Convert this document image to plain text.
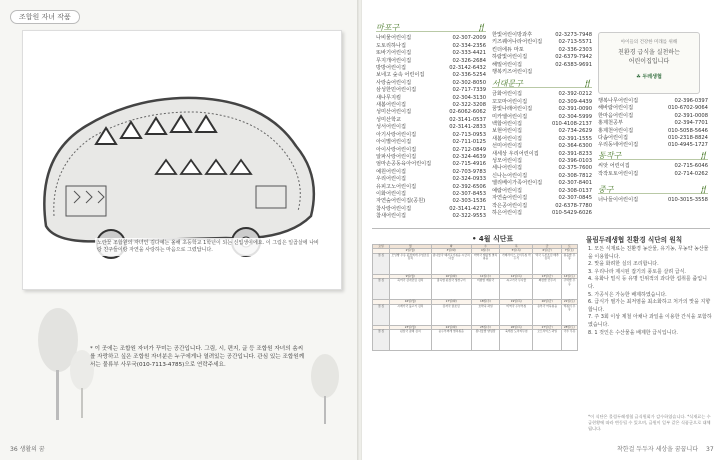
조합원 자녀 작품
노란꽃 조합원의 자녀인 김다예는 올해 초등학교 1학년이 되는 신입생이에요. 이 그림은 일곱살에 나비랑 친구들이랑 자연을 사랑하는 마음으로 그렸답니다.
* 이 곳에는 조합원 자녀가 꾸미는 공간입니다. 그림, 시, 편지, 글 등 조합원 자녀의 솜씨를 자랑하고 싶은 조합원 자녀분은 누구에게나 열려있는 공간입니다. 관심 있는 조합원께서는 물류부 사무국(010-7113-4785)으로 연락주세요.
36 생활의 꿈
마포구	🍴︎
나비물어린이집	02-307-2009
도토리하나집	02-334-2356
또바기어린이집	02-333-4421
무지개어린이집	02-326-2684
방방어린이집	02-3142-6432
보네고 숲속 어린이집	02-336-5254
사랑숲어린이집	02-302-8050
삼성한민어린이집	02-717-7339
새나무지킴	02-304-3130
새봄어린이집	02-322-3208
성미산어린이집	02-6062-6062
성미산학교	02-3141-0537
성서어린이집	02-3141-2833
아기사랑어린이집	02-713-0953
아이별어린이집	02-711-0125
아이사랑어린이집	02-712-0849
알파사랑어린이집	02-324-4639
엄마손공동육아어린이집	02-715-4916
예원어린이집	02-703-9783
우리어린이집	02-324-0933
유피고노어린이집	02-392-6506
이화어린이집	02-307-8453
자연숲어린이집(공원)	02-303-1536
참사랑어린이집	02-3141-4271
참새어린이집	02-322-9553
한빛어린이방과후	02-3273-7948
키즈퀘어나라어린이집	02-713-5571
킨더에듀 마포	02-336-2303
하람빛어린이집	02-6379-7942
해밀어린이집	02-6383-9691
행복키즈어린이집
서대문구	🍴︎
금화어린이집	02-392-0212
꼬꼬마어린이집	02-309-4439
꿈빛나래어린이집	02-391-0090
미카엘어린이집	02-304-5999
백합어린이집	010-4108-2137
보현어린이집	02-734-2629
새봄어린이집	02-391-1555
선미어린이집	02-364-6300
새세상 우리어린이집	02-391-8233
성모어린이집	02-396-0103
세나어린이집	02-375-7600
신나는어린이집	02-308-7812
엘리베이가족어린이집	02-307-8401
예람어린이집	02-308-0137
자연숲어린이집	02-307-0845
작은공어린이집	02-6378-7780
하은어린이집	010-5429-6026
아이들의 건강한 미래를 위해
친환경 급식을 실천하는
어린이집입니다
☘ 두레생협
행복나무어린이집	02-396-0397
해바람어린이집	010-6702-9064
한마음어린이집	02-391-0008
홍제천공부	02-394-7701
홍제천어린이집	010-5058-5646
다솜어린이집	010-2318-8824
우리동네어린이집	010-4945-1727
동작구	🍴︎
씨앗 어린이집	02-715-6046
작작토토어린이집	02-714-0262
중구	🍴︎
너나들이어린이집	010-3015-3558
• 4월 식단표
요일	월	화	수	목	금	토
	2일(월)	3일(화)	4일(수)	5일(목)	6일(금)	7일(토)
점 심	모닝빵 우유 된장찌개 우엉조림 김치	콩나물국 돼지고기볶음 시금치나물	미역국 계란찜 멸치볶음	카레라이스 오이무침 깍두기	떡국 두부조림 배추김치	볶음밥 우유
	9일(월)	10일(화)	11일(수)	12일(목)	13일(금)	14일(토)
점 심	북어국 감자조림 김치	잡곡밥 된장국 생선구이	비빔밥 계란국	쇠고기국 무나물	짜장밥 단무지	주먹밥 우유
	16일(월)	17일(화)	18일(수)	19일(목)	20일(금)	21일(토)
점 심	시래기국 불고기 김치	감자국 닭조림	호박죽 과일	미역국 두부부침	유부국 어묵볶음	떡볶이 우유
	23일(월)	24일(화)	25일(수)	26일(목)	27일(금)	28일(토)
점 심	된장국 잡채 김치	순두부찌개 멸치볶음	콩나물밥 양념장	육개장 도라지무침	오므라이스 과일	국수 우유
물림두레생협 친환경 식단의 원칙
1. 모든 식재료는 친환경 농산물, 유기농, 무농약 농산물을 이용합니다.
2. 맛을 화려한 실의 조리합니다.
3. 우리나라 제시된 잡기의 풍토를 살려 급식.
4. 유화나 밀식 등 유명 인위적의 과다한 섭취를 줍입니다.
5. 가공식은 가능한 배제하였습니다.
6. 급식가 필가는 최저염을 최소화하고 처가의 맛을 지향합니다.
7. 주 3회 이상 제철 아채나 과일을 이용한 간식을 포함하였습니다.
8. 1 것인은 수산물을 배제한 급식입니다.
*이 식단은 물림두레생협 급식원회가 감수하였습니다. *식재료는 수급현황에 따라 변동될 수 있으며, 급원이 일부 같은 식품군으로 대체됩니다.
착한걸 두두자 세상을 꿈꿉니다 37
